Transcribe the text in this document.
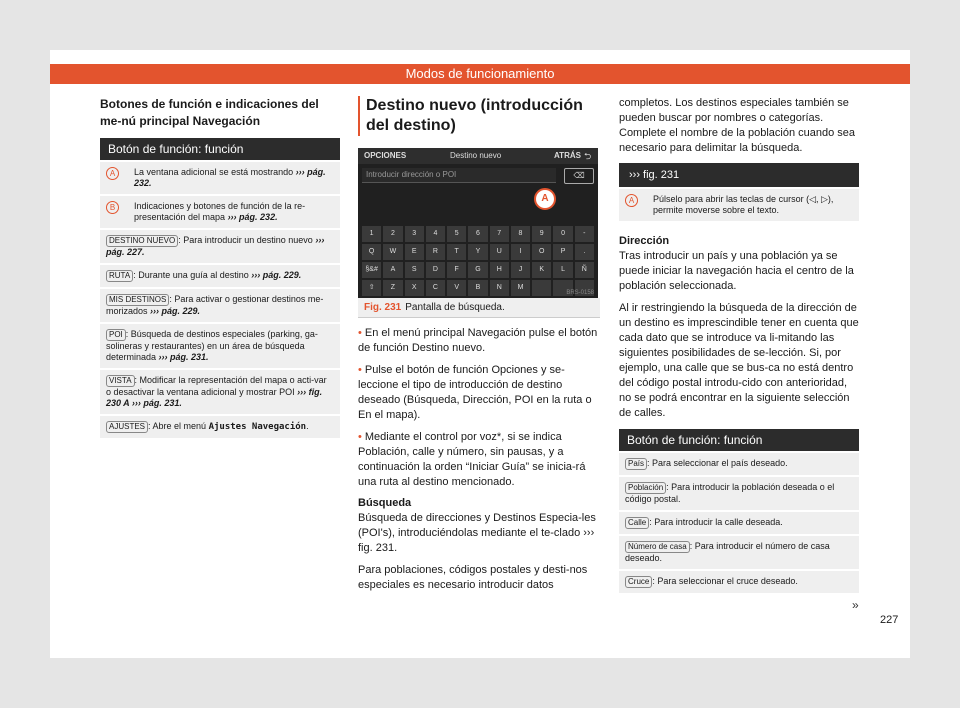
Modos de funcionamiento
Botones de función e indicaciones del me-nú principal Navegación
Botón de función: función
A	La ventana adicional se está mostrando ››› pág. 232.
B	Indicaciones y botones de función de la re-presentación del mapa ››› pág. 232.
DESTINO NUEVO : Para introducir un destino nuevo ››› pág. 227.
RUTA : Durante una guía al destino ››› pág. 229.
MIS DESTINOS : Para activar o gestionar destinos me-morizados ››› pág. 229.
POI : Búsqueda de destinos especiales (parking, ga-solineras y restaurantes) en un área de búsqueda determinada ››› pág. 231.
VISTA : Modificar la representación del mapa o acti-var o desactivar la ventana adicional y mostrar POI ››› fig. 230 A ››› pág. 231.
AJUSTES : Abre el menú Ajustes Navegación.
Destino nuevo (introducción del destino)
OPCIONES	Destino nuevo	ATRÁS ⮌
Introducir dirección o POI	⌫
A
1	2	3	4	5	6	7	8	9	0	-
Q	W	E	R	T	Y	U	I	O	P	.
§&#	A	S	D	F	G	H	J	K	L	Ñ
⇧	Z	X	C	V	B	N	M
BRS-0158
Fig. 231 Pantalla de búsqueda.

• En el menú principal Navegación pulse el botón de función Destino nuevo.

• Pulse el botón de función Opciones y se-leccione el tipo de introducción de destino deseado (Búsqueda, Dirección, POI en la ruta o En el mapa).

• Mediante el control por voz*, si se indica Población, calle y número, sin pausas, y a continuación la orden “Iniciar Guía” se inicia-rá una ruta al destino mencionado.

Búsqueda

Búsqueda de direcciones y Destinos Especia-les (POI's), introduciéndolas mediante el te-clado ››› fig. 231.

Para poblaciones, códigos postales y desti-nos especiales es necesario introducir datos

completos. Los destinos especiales también se pueden buscar por nombres o categorías. Complete el nombre de la población cuando sea necesario para delimitar la búsqueda.

››› fig. 231
A	Púlselo para abrir las teclas de cursor (◁, ▷), permite moverse sobre el texto.
Dirección

Tras introducir un país y una población ya se puede iniciar la navegación hacia el centro de la población seleccionada.

Al ir restringiendo la búsqueda de la dirección de un destino es imprescindible tener en cuenta que cada dato que se introduce va li-mitando las siguientes posibilidades de se-lección. Si, por ejemplo, una calle que se bus-ca no está dentro del código postal introdu-cido con anterioridad, no se podrá encontrar en la siguiente selección de calles.

Botón de función: función
País : Para seleccionar el país deseado.
Población : Para introducir la población deseada o el código postal.
Calle : Para introducir la calle deseada.
Número de casa : Para introducir el número de casa deseado.
Cruce : Para seleccionar el cruce deseado.
»
227
